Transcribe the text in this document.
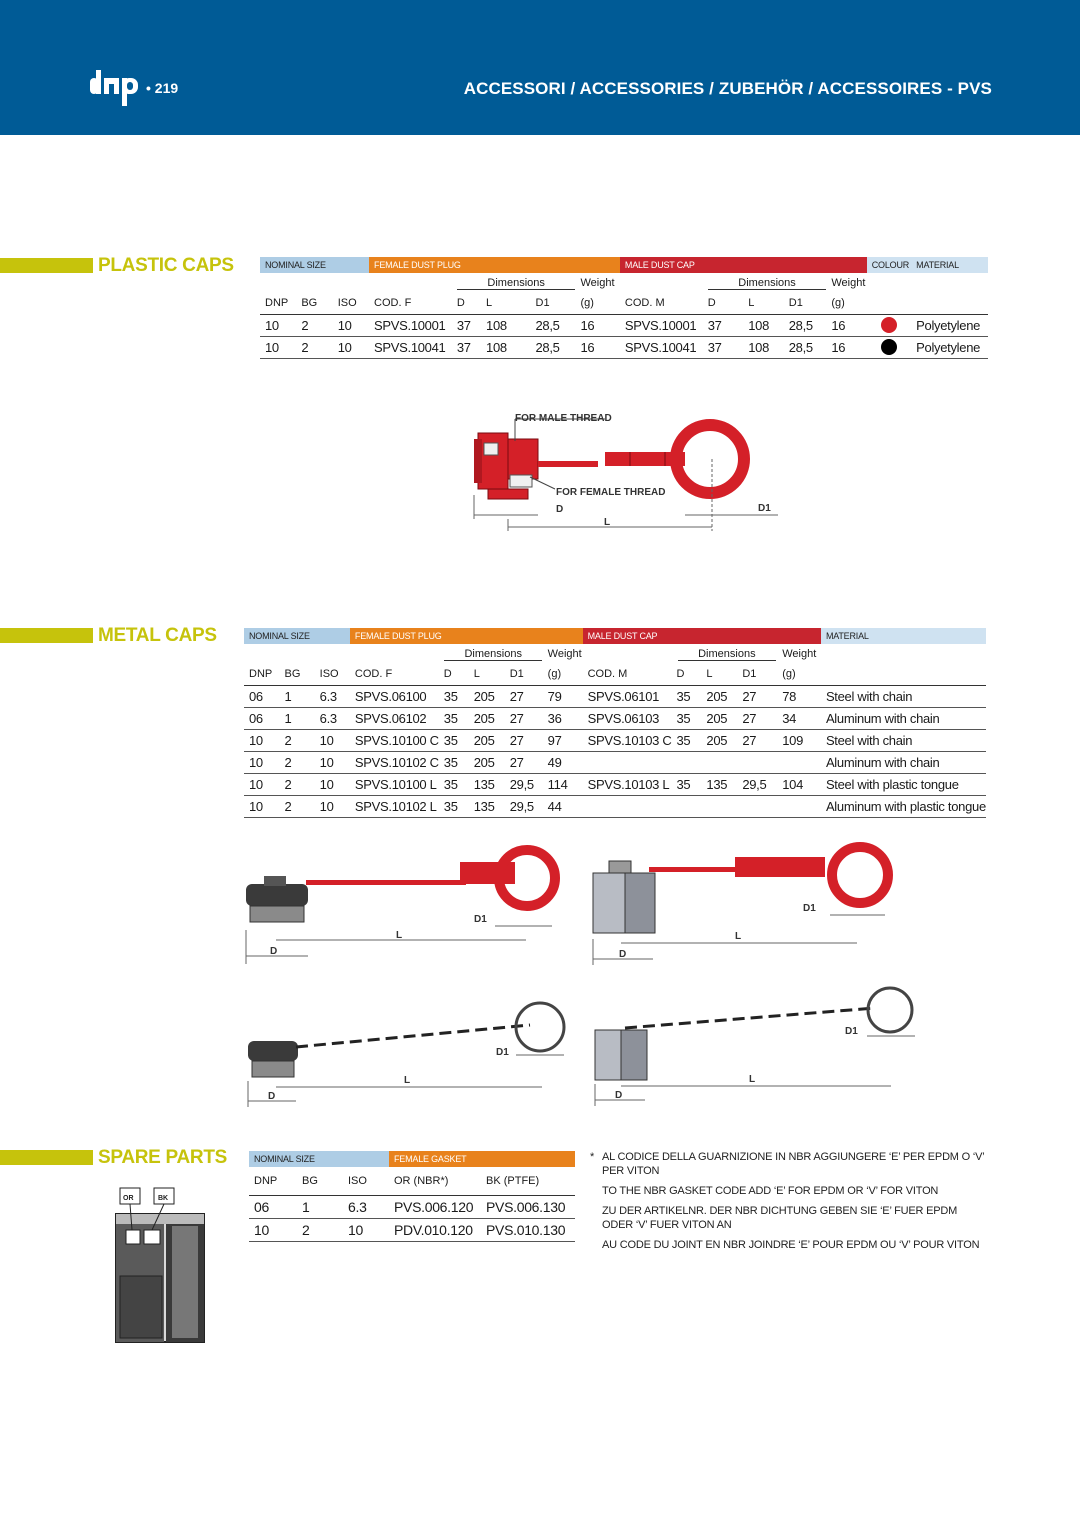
• 219	ACCESSORI / ACCESSORIES / ZUBEHÖR / ACCESSOIRES - PVS
PLASTIC CAPS	NOMINAL SIZE			FEMALE DUST PLUG					MALE DUST CAP					COLOUR	MATERIAL
				Dimensions			Weight		Dimensions			Weight		
DNP	BG	ISO	COD. F	D	L	D1	(g)	COD. M	D	L	D1	(g)		
10	2	10	SPVS.10001	37	108	28,5	16	SPVS.10001	37	108	28,5	16		Polyetylene
10	2	10	SPVS.10041	37	108	28,5	16	SPVS.10041	37	108	28,5	16		Polyetylene
FOR MALE THREAD
FOR FEMALE THREAD
D
L
D1
METAL CAPS	NOMINAL SIZE			FEMALE DUST PLUG					MALE DUST CAP					MATERIAL
				Dimensions			Weight		Dimensions			Weight	
DNP	BG	ISO	COD. F	D	L	D1	(g)	COD. M	D	L	D1	(g)	
06	1	6.3	SPVS.06100	35	205	27	79	SPVS.06101	35	205	27	78	Steel with chain
06	1	6.3	SPVS.06102	35	205	27	36	SPVS.06103	35	205	27	34	Aluminum with chain
10	2	10	SPVS.10100 C	35	205	27	97	SPVS.10103 C	35	205	27	109	Steel with chain
10	2	10	SPVS.10102 C	35	205	27	49						Aluminum with chain
10	2	10	SPVS.10100 L	35	135	29,5	114	SPVS.10103 L	35	135	29,5	104	Steel with plastic tongue
10	2	10	SPVS.10102 L	35	135	29,5	44						Aluminum with plastic tongue
D
L
D1
D
L
D1
D
L
D1
D
L
D1
SPARE PARTS	NOMINAL SIZE			FEMALE GASKET	
DNP	BG	ISO	OR (NBR*)	BK (PTFE)
06	1	6.3	PVS.006.120	PVS.006.130
10	2	10	PDV.010.120	PVS.010.130
OR	BK

* AL CODICE DELLA GUARNIZIONE IN NBR AGGIUNGERE ‘E’ PER EPDM O ‘V’ PER VITON

TO THE NBR GASKET CODE ADD ‘E’ FOR EPDM OR ‘V’ FOR VITON

ZU DER ARTIKELNR. DER NBR DICHTUNG GEBEN SIE ‘E’ FUER EPDM ODER ‘V’ FUER VITON AN

AU CODE DU JOINT EN NBR JOINDRE ‘E’ POUR EPDM OU ‘V’ POUR VITON
